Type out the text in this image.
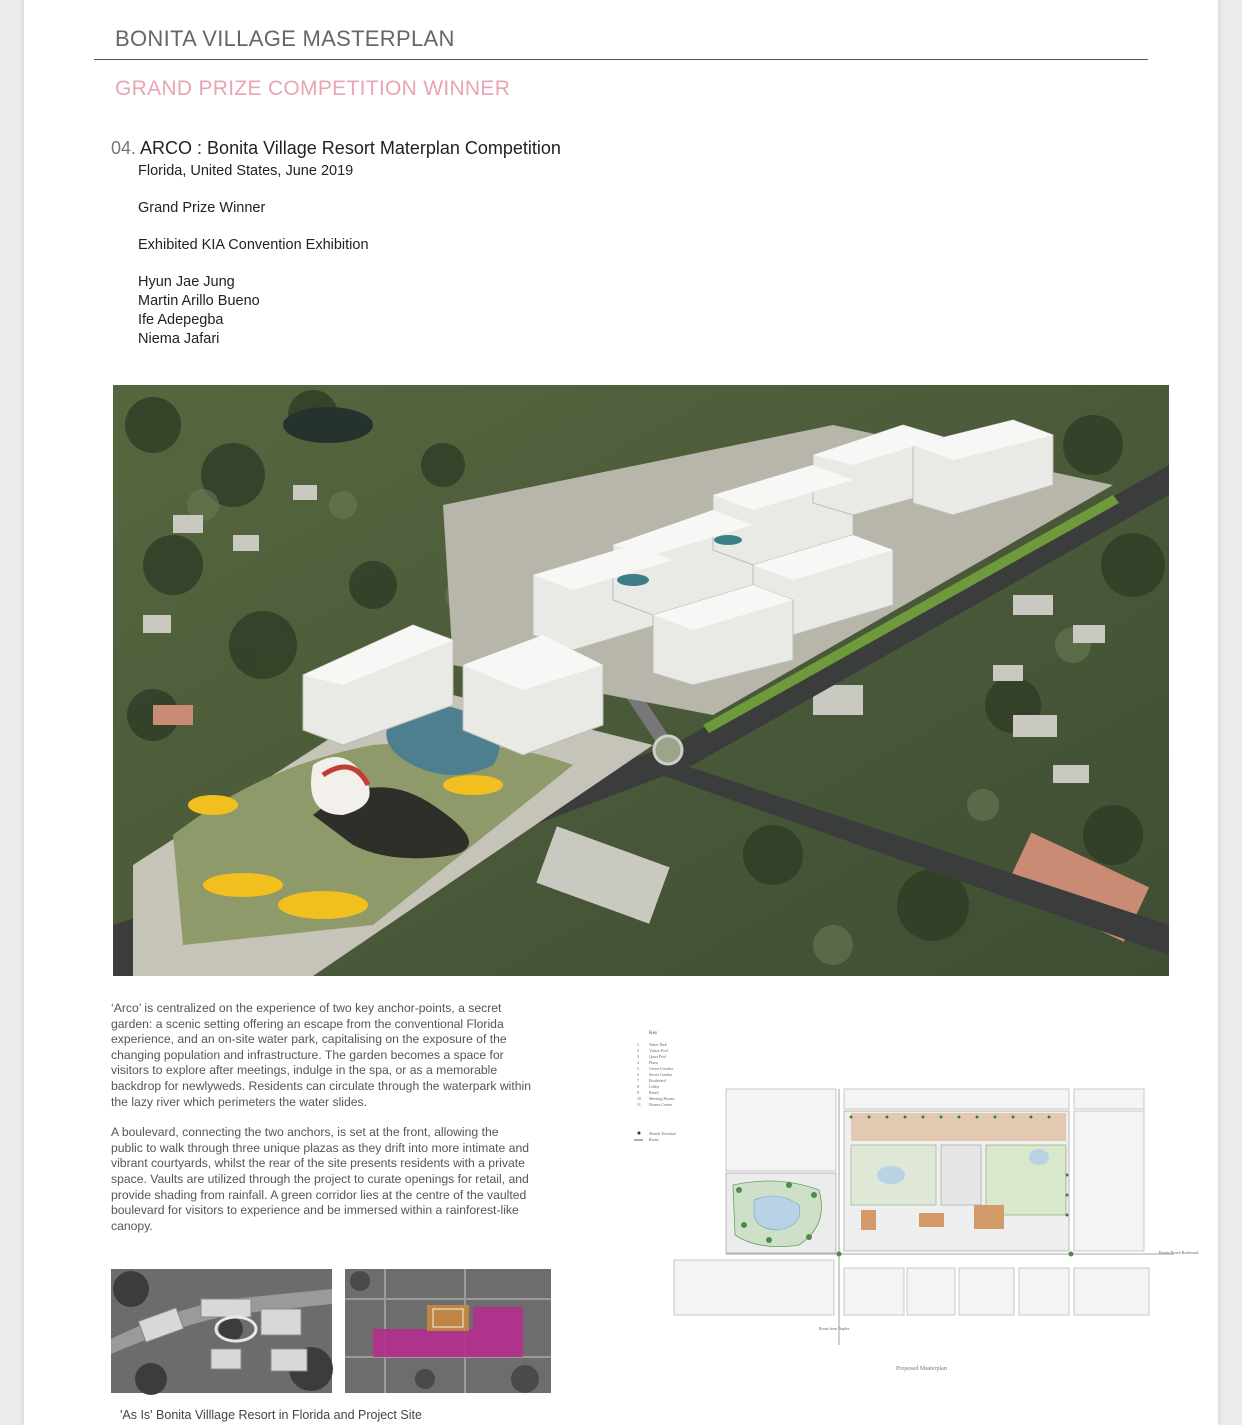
BONITA VILLAGE MASTERPLAN
GRAND PRIZE COMPETITION WINNER
04. ARCO : Bonita Village Resort Materplan Competition
Florida, United States, June 2019
Grand Prize Winner
Exhibited KIA Convention Exhibition
Hyun Jae Jung
Martin Arillo Bueno
Ife Adepegba
Niema Jafari

‘Arco’ is centralized on the experience of two key anchor-points, a secret garden: a scenic setting offering an escape from the conventional Florida experience, and an on-site water park, capitalising on the exposure of the changing population and infrastructure. The garden becomes a space for visitors to explore after meetings, indulge in the spa, or as a memorable backdrop for newlyweds. Residents can circulate through the waterpark within the lazy river which perimeters the water slides.

A boulevard, connecting the two anchors, is set at the front, allowing the public to walk through three unique plazas as they drift into more intimate and vibrant courtyards, whilst the rear of the site presents residents with a private space. Vaults are utilized through the project to curate openings for retail, and provide shading from rainfall. A green corridor lies at the centre of the vaulted boulevard for visitors to experience and be immersed within a rainforest-like canopy.

'As Is' Bonita Villlage Resort in Florida and Project Site
Key
1
2
3
4
5
6
7
8
9
10
11
Water Park
Visitor Pool
Quiet Pool
Plaza
Green Corridor
Secret Garden
Boulevard
Lobby
Retail
Meeting Rooms
Fitness Centre
Shuttle Terminal
Route
Bonita Beach Boulevard
Route from Naples
Proposed Masterplan
